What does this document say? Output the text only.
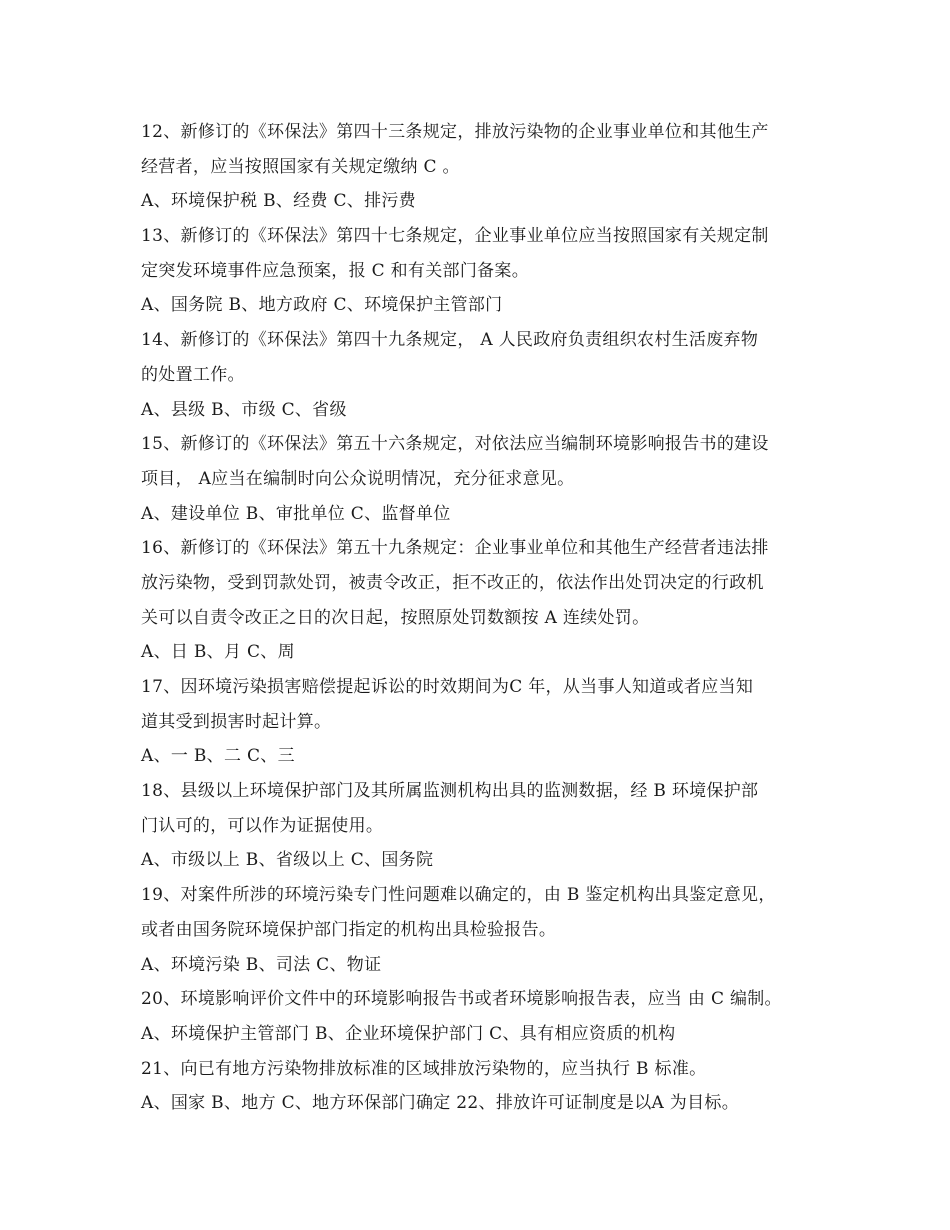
12、新修订的《环保法》第四十三条规定，排放污染物的企业事业单位和其他生产
经营者，应当按照国家有关规定缴纳 C 。
A、环境保护税 B、经费 C、排污费
13、新修订的《环保法》第四十七条规定，企业事业单位应当按照国家有关规定制
定突发环境事件应急预案，报 C 和有关部门备案。
A、国务院 B、地方政府 C、环境保护主管部门
14、新修订的《环保法》第四十九条规定， A 人民政府负责组织农村生活废弃物
的处置工作。
A、县级 B、市级 C、省级
15、新修订的《环保法》第五十六条规定，对依法应当编制环境影响报告书的建设
项目， A应当在编制时向公众说明情况，充分征求意见。
A、建设单位 B、审批单位 C、监督单位
16、新修订的《环保法》第五十九条规定：企业事业单位和其他生产经营者违法排
放污染物，受到罚款处罚，被责令改正，拒不改正的，依法作出处罚决定的行政机
关可以自责令改正之日的次日起，按照原处罚数额按 A 连续处罚。
A、日 B、月 C、周
17、因环境污染损害赔偿提起诉讼的时效期间为C 年，从当事人知道或者应当知
道其受到损害时起计算。
A、一 B、二 C、三
18、县级以上环境保护部门及其所属监测机构出具的监测数据，经 B 环境保护部
门认可的，可以作为证据使用。
A、市级以上 B、省级以上 C、国务院
19、对案件所涉的环境污染专门性问题难以确定的，由 B 鉴定机构出具鉴定意见，
或者由国务院环境保护部门指定的机构出具检验报告。
A、环境污染 B、司法 C、物证
20、环境影响评价文件中的环境影响报告书或者环境影响报告表，应当 由 C 编制。
A、环境保护主管部门 B、企业环境保护部门 C、具有相应资质的机构
21、向已有地方污染物排放标准的区域排放污染物的，应当执行 B 标准。
A、国家 B、地方 C、地方环保部门确定 22、排放许可证制度是以A 为目标。
